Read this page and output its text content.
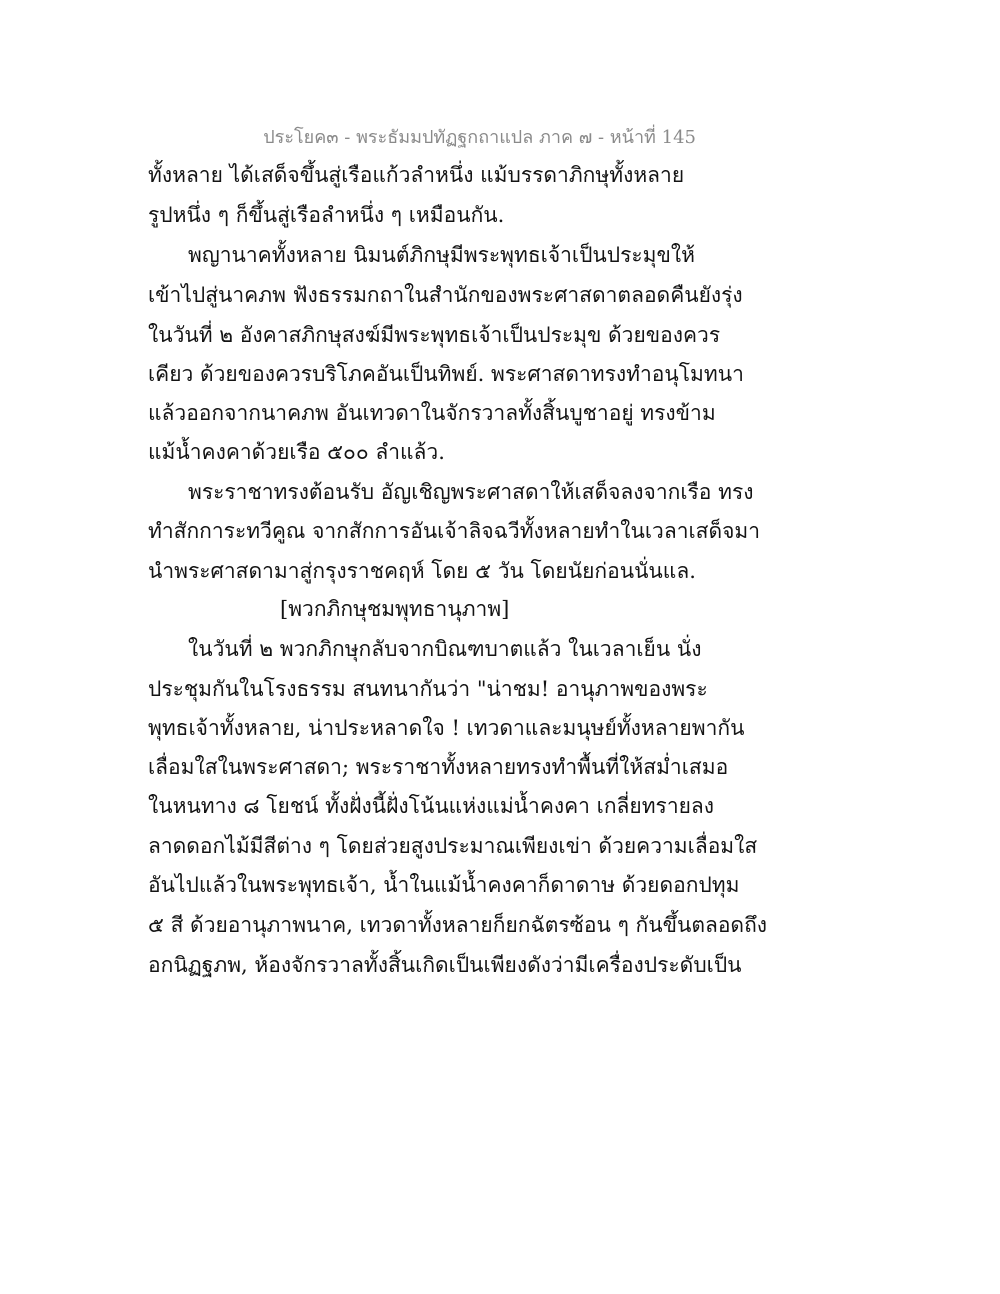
ประโยค๓ - พระธัมมปทัฏฐกถาแปล ภาค ๗ - หน้าที่ 145
ทั้งหลาย ได้เสด็จขึ้นสู่เรือแก้วลำหนึ่ง แม้บรรดาภิกษุทั้งหลาย
รูปหนึ่ง ๆ ก็ขึ้นสู่เรือลำหนึ่ง ๆ เหมือนกัน.
พญานาคทั้งหลาย นิมนต์ภิกษุมีพระพุทธเจ้าเป็นประมุขให้
เข้าไปสู่นาคภพ ฟังธรรมกถาในสำนักของพระศาสดาตลอดคืนยังรุ่ง
ในวันที่ ๒ อังคาสภิกษุสงฆ์มีพระพุทธเจ้าเป็นประมุข ด้วยของควร
เคียว ด้วยของควรบริโภคอันเป็นทิพย์. พระศาสดาทรงทำอนุโมทนา
แล้วออกจากนาคภพ อันเทวดาในจักรวาลทั้งสิ้นบูชาอยู่ ทรงข้าม
แม้น้ำคงคาด้วยเรือ ๕๐๐ ลำแล้ว.
พระราชาทรงต้อนรับ อัญเชิญพระศาสดาให้เสด็จลงจากเรือ ทรง
ทำสักการะทวีคูณ จากสักการอันเจ้าลิจฉวีทั้งหลายทำในเวลาเสด็จมา
นำพระศาสดามาสู่กรุงราชคฤห์ โดย ๕ วัน โดยนัยก่อนนั่นแล.
[พวกภิกษุชมพุทธานุภาพ]
ในวันที่ ๒ พวกภิกษุกลับจากบิณฑบาตแล้ว ในเวลาเย็น นั่ง
ประชุมกันในโรงธรรม สนทนากันว่า "น่าชม! อานุภาพของพระ
พุทธเจ้าทั้งหลาย, น่าประหลาดใจ ! เทวดาและมนุษย์ทั้งหลายพากัน
เลื่อมใสในพระศาสดา; พระราชาทั้งหลายทรงทำพื้นที่ให้สม่ำเสมอ
ในหนทาง ๘ โยชน์ ทั้งฝั่งนี้ฝั่งโน้นแห่งแม่น้ำคงคา เกลี่ยทรายลง
ลาดดอกไม้มีสีต่าง ๆ โดยส่วยสูงประมาณเพียงเข่า ด้วยความเลื่อมใส
อันไปแล้วในพระพุทธเจ้า, น้ำในแม้น้ำคงคาก็ดาดาษ ด้วยดอกปทุม
๕ สี ด้วยอานุภาพนาค, เทวดาทั้งหลายก็ยกฉัตรซ้อน ๆ กันขึ้นตลอดถึง
อกนิฏฐภพ, ห้องจักรวาลทั้งสิ้นเกิดเป็นเพียงดังว่ามีเครื่องประดับเป็น
